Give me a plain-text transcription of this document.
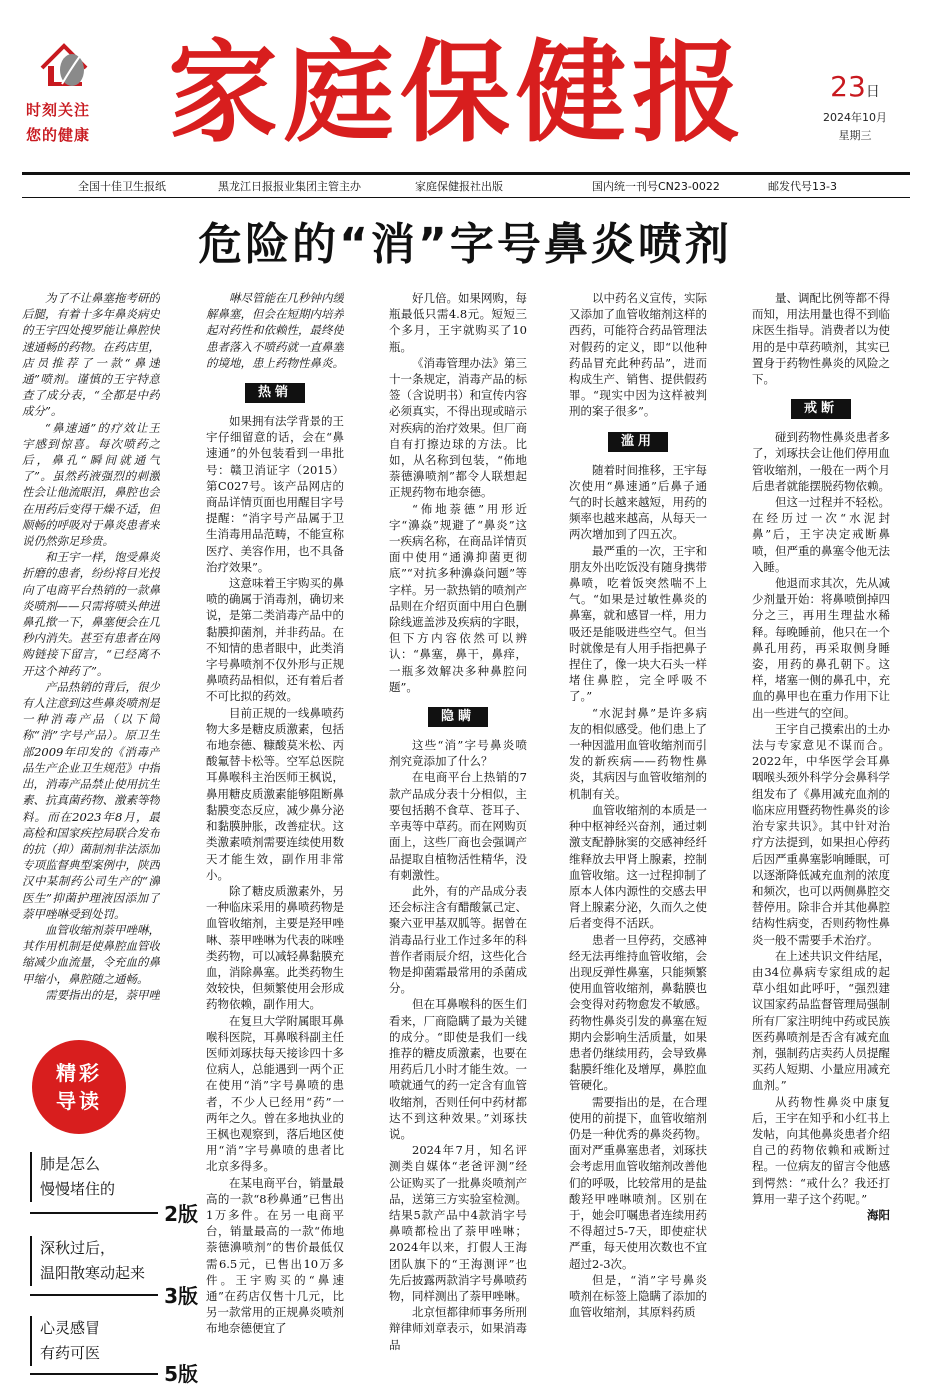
时刻关注
您的健康 家庭保健报	23日
2024年10月
星期三
全国十佳卫生报纸	黑龙江日报报业集团主管主办	家庭保健报社出版	国内统一刊号CN23-0022	邮发代号13-3
危险的“消”字号鼻炎喷剂

为了不让鼻塞拖考研的后腿，有着十多年鼻炎病史的王宇四处搜罗能让鼻腔快速通畅的药物。在药店里，店员推荐了一款“鼻速通”喷剂。谨慎的王宇特意查了成分表，“全都是中药成分”。

“鼻速通”的疗效让王宇感到惊喜。每次喷药之后，鼻孔“瞬间就通气了”。虽然药液强烈的刺激性会让他流眼泪，鼻腔也会在用药后变得干燥不适，但顺畅的呼吸对于鼻炎患者来说仍然弥足珍贵。

和王宇一样，饱受鼻炎折磨的患者，纷纷将目光投向了电商平台热销的一款鼻炎喷剂——只需将喷头伸进鼻孔揿一下，鼻塞便会在几秒内消失。甚至有患者在网购链接下留言，“已经离不开这个神药了”。

产品热销的背后，很少有人注意到这些鼻炎喷剂是一种消毒产品（以下简称“消”字号产品）。原卫生部2009年印发的《消毒产品生产企业卫生规范》中指出，消毒产品禁止使用抗生素、抗真菌药物、激素等物料。而在2023年8月，最高检和国家疾控局联合发布的抗（抑）菌制剂非法添加专项监督典型案例中，陕西汉中某制药公司生产的“濞医生”抑菌护理液因添加了萘甲唑啉受到处罚。

血管收缩剂萘甲唑啉，其作用机制是使鼻腔血管收缩减少血流量，令充血的鼻甲缩小，鼻腔随之通畅。

需要指出的是，萘甲唑

啉尽管能在几秒钟内缓解鼻塞，但会在短期内培养起对药性和依赖性，最终使患者落入不喷药就一直鼻塞的境地，患上药物性鼻炎。

热销

如果拥有法学背景的王宇仔细留意的话，会在“鼻速通”的外包装看到一串批号：赣卫消证字（2015）第C027号。该产品网店的商品详情页面也用醒目字号提醒：“消字号产品属于卫生消毒用品范畴，不能宣称医疗、美容作用，也不具备治疗效果”。

这意味着王宇购买的鼻喷的确属于消毒剂，确切来说，是第二类消毒产品中的黏膜抑菌剂，并非药品。在不知情的患者眼中，此类消字号鼻喷剂不仅外形与正规鼻喷药品相似，还有着后者不可比拟的药效。

目前正规的一线鼻喷药物大多是糖皮质激素，包括布地奈德、糠酸莫米松、丙酸氟替卡松等。空军总医院耳鼻喉科主治医师王枫说，鼻用糖皮质激素能够阻断鼻黏膜变态反应，减少鼻分泌和黏膜肿胀，改善症状。这类激素喷剂需要连续使用数天才能生效，副作用非常小。

除了糖皮质激素外，另一种临床采用的鼻喷药物是血管收缩剂，主要是羟甲唑啉、萘甲唑啉为代表的咪唑类药物，可以减轻鼻黏膜充血，消除鼻塞。此类药物生效较快，但频繁使用会形成药物依赖，副作用大。

在复旦大学附属眼耳鼻喉科医院，耳鼻喉科副主任医师刘琢扶每天接诊四十多位病人，总能遇到一两个正在使用“消”字号鼻喷的患者，不少人已经用“药”一两年之久。曾在多地执业的王枫也观察到，落后地区使用“消”字号鼻喷的患者比北京多得多。

在某电商平台，销量最高的一款“8秒鼻通”已售出1万多件。在另一电商平台，销量最高的一款“佈地萘德濞喷剂”的售价最低仅需6.5元，已售出10万多件。王宇购买的“鼻速通”在药店仅售十几元，比另一款常用的正规鼻炎喷剂布地奈德便宜了

好几倍。如果网购，每瓶最低只需4.8元。短短三个多月，王宇就购买了10瓶。

《消毒管理办法》第三十一条规定，消毒产品的标签（含说明书）和宣传内容必须真实，不得出现或暗示对疾病的治疗效果。但厂商自有打擦边球的方法。比如，从名称到包装，“佈地萘德濞喷剂”都令人联想起正规药物布地奈德。

“佈地萘德”用形近字“濞焱”规避了“鼻炎”这一疾病名称，在商品详情页面中使用“通濞抑菌更彻底”“对抗多种濞焱问题”等字样。另一款热销的喷剂产品则在介绍页面中用白色删除线遮盖涉及疾病的字眼，但下方内容依然可以辨认：“鼻塞，鼻干，鼻痒，一瓶多效解决多种鼻腔问题”。

隐瞒

这些“消”字号鼻炎喷剂究竟添加了什么？

在电商平台上热销的7款产品成分表十分相似，主要包括鹅不食草、苍耳子、辛夷等中草药。而在网购页面上，这些厂商也会强调产品提取自植物活性精华，没有刺激性。

此外，有的产品成分表还会标注含有醋酸氯己定、聚六亚甲基双胍等。据曾在消毒品行业工作过多年的科普作者雨辰介绍，这些化合物是抑菌霜最常用的杀菌成分。

但在耳鼻喉科的医生们看来，厂商隐瞒了最为关键的成分。“即使是我们一线推荐的糖皮质激素，也要在用药后几小时才能生效。一喷就通气的药一定含有血管收缩剂，否则任何中药材都达不到这种效果。”刘琢扶说。

2024年7月，知名评测类自媒体“老爸评测”经公证购买了一批鼻炎喷剂产品，送第三方实验室检测。结果5款产品中4款消字号鼻喷都检出了萘甲唑啉；2024年以来，打假人王海团队旗下的“王海测评”也先后披露两款消字号鼻喷药物，同样测出了萘甲唑啉。

北京恒都律师事务所刑辩律师刘章表示，如果消毒品

以中药名义宣传，实际又添加了血管收缩剂这样的西药，可能符合药品管理法对假药的定义，即“以他种药品冒充此种药品”，进而构成生产、销售、提供假药罪。“现实中因为这样被判刑的案子很多”。

滥用

随着时间推移，王宇每次使用“鼻速通”后鼻子通气的时长越来越短，用药的频率也越来越高，从每天一两次增加到了四五次。

最严重的一次，王宇和朋友外出吃饭没有随身携带鼻喷，吃着饭突然喘不上气。“如果是过敏性鼻炎的鼻塞，就和感冒一样，用力吸还是能吸进些空气。但当时就像是有人用手指把鼻子捏住了，像一块大石头一样堵住鼻腔，完全呼吸不了。”

“水泥封鼻”是许多病友的相似感受。他们患上了一种因滥用血管收缩剂而引发的新疾病——药物性鼻炎，其病因与血管收缩剂的机制有关。

血管收缩剂的本质是一种中枢神经兴奋剂，通过刺激支配静脉窦的交感神经纤维释放去甲肾上腺素，控制血管收缩。这一过程抑制了原本人体内源性的交感去甲肾上腺素分泌，久而久之使后者变得不活跃。

患者一旦停药，交感神经无法再维持血管收缩，会出现反弹性鼻塞，只能频繁使用血管收缩剂，鼻黏膜也会变得对药物愈发不敏感。药物性鼻炎引发的鼻塞在短期内会影响生活质量，如果患者仍继续用药，会导致鼻黏膜纤维化及增厚，鼻腔血管硬化。

需要指出的是，在合理使用的前提下，血管收缩剂仍是一种优秀的鼻炎药物。面对严重鼻塞患者，刘琢扶会考虑用血管收缩剂改善他们的呼吸，比较常用的是盐酸羟甲唑啉喷剂。区别在于，她会叮嘱患者连续用药不得超过5-7天，即使症状严重，每天使用次数也不宜超过2-3次。

但是，“消”字号鼻炎喷剂在标签上隐瞒了添加的血管收缩剂，其原料药质

量、调配比例等都不得而知，用法用量也得不到临床医生指导。消费者以为使用的是中草药喷剂，其实已置身于药物性鼻炎的风险之下。

戒断

碰到药物性鼻炎患者多了，刘琢扶会让他们停用血管收缩剂，一般在一两个月后患者就能摆脱药物依赖。

但这一过程并不轻松。在经历过一次“水泥封鼻”后，王宇决定戒断鼻喷，但严重的鼻塞令他无法入睡。

他退而求其次，先从减少剂量开始：将鼻喷倒掉四分之三，再用生理盐水稀释。每晚睡前，他只在一个鼻孔用药，再采取侧身睡姿，用药的鼻孔朝下。这样，堵塞一侧的鼻孔中，充血的鼻甲也在重力作用下让出一些进气的空间。

王宇自己摸索出的土办法与专家意见不谋而合。2022年，中华医学会耳鼻咽喉头颈外科学分会鼻科学组发布了《鼻用减充血剂的临床应用暨药物性鼻炎的诊治专家共识》。其中针对治疗方法提到，如果担心停药后因严重鼻塞影响睡眠，可以逐渐降低减充血剂的浓度和频次，也可以两侧鼻腔交替停用。除非合并其他鼻腔结构性病变，否则药物性鼻炎一般不需要手术治疗。

在上述共识文件结尾，由34位鼻病专家组成的起草小组如此呼吁，“强烈建议国家药品监督管理局强制所有厂家注明纯中药或民族医药鼻喷剂是否含有减充血剂，强制药店卖药人员提醒买药人短期、小量应用减充血剂。”

从药物性鼻炎中康复后，王宇在知乎和小红书上发帖，向其他鼻炎患者介绍自己的药物依赖和戒断过程。一位病友的留言令他感到愕然：“戒什么？我还打算用一辈子这个药呢。”

海阳

精彩
导读
肺是怎么
慢慢堵住的
2版
深秋过后，
温阳散寒动起来
3版
心灵感冒
有药可医
5版
